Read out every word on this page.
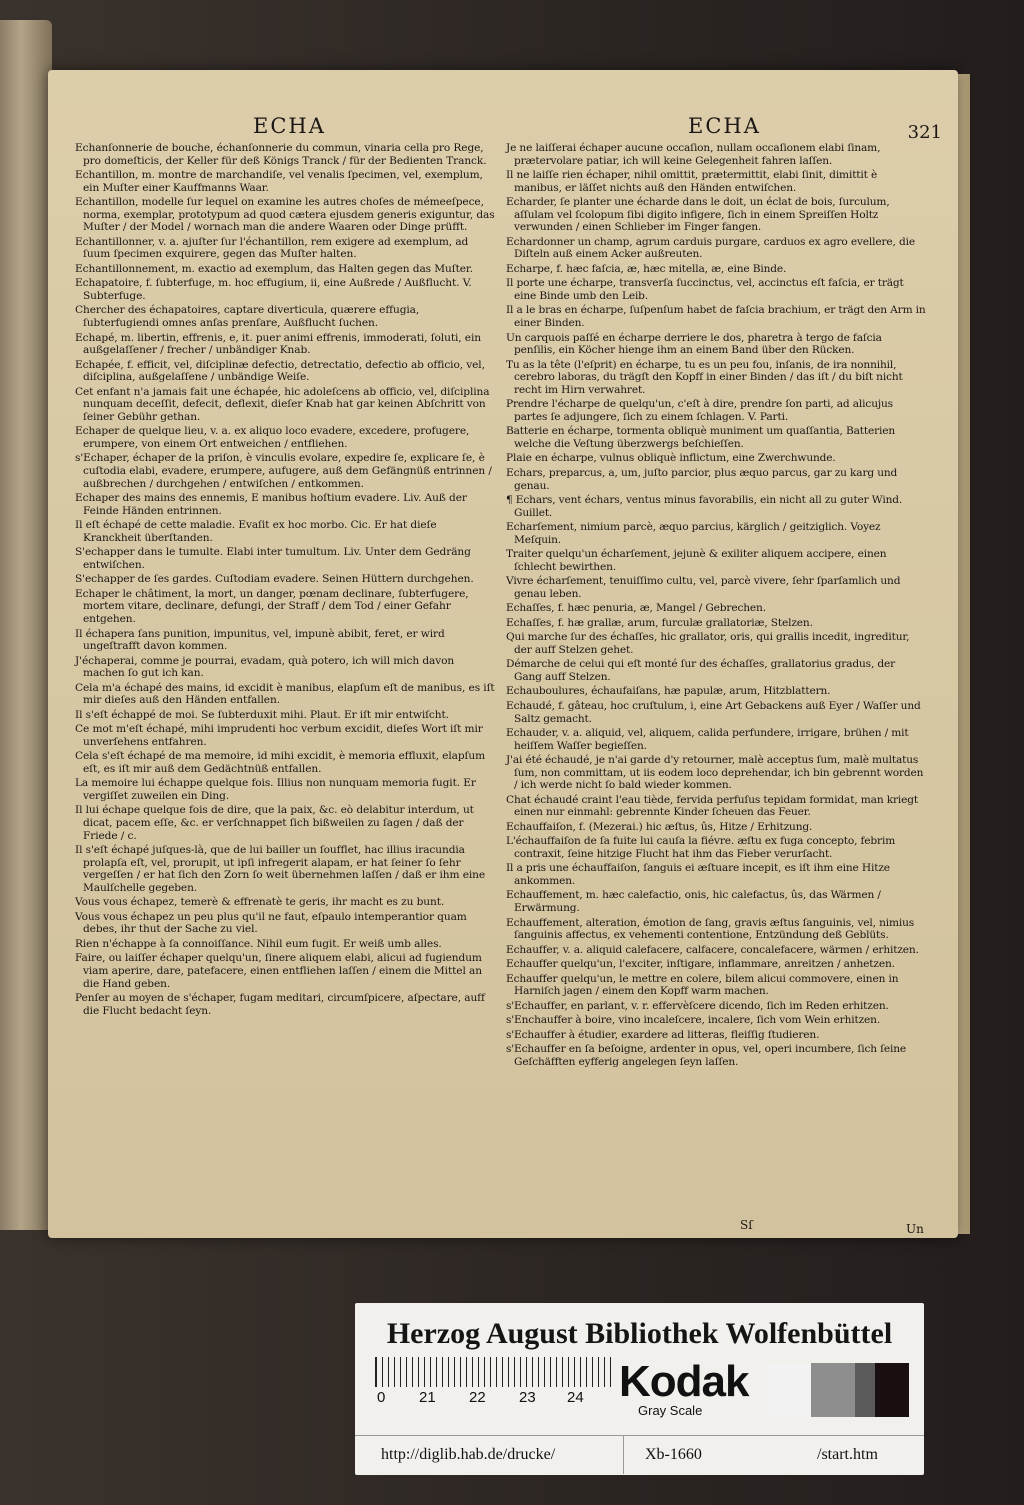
ECHA	ECHA	321

Echanſonnerie de bouche, échanſonnerie du commun, vinaria cella pro Rege, pro domeſticis, der Keller für deß Königs Tranck / für der Bedienten Tranck.

Echantillon, m. montre de marchandiſe, vel venalis ſpecimen, vel, exemplum, ein Muſter einer Kauffmanns Waar.

Echantillon, modelle ſur lequel on examine les autres choſes de mémeeſpece, norma, exemplar, prototypum ad quod cætera ejusdem generis exiguntur, das Muſter / der Model / wornach man die andere Waaren oder Dinge prüfft.

Echantillonner, v. a. ajuſter ſur l'échantillon, rem exigere ad exemplum, ad ſuum ſpecimen exquirere, gegen das Muſter halten.

Echantillonnement, m. exactio ad exemplum, das Halten gegen das Muſter.

Echapatoire, f. ſubterfuge, m. hoc effugium, ii, eine Außrede / Außflucht. V. Subterfuge.

Chercher des échapatoires, captare diverticula, quærere effugia, ſubterfugiendi omnes anſas prenſare, Außflucht ſuchen.

Echapé, m. libertin, effrenis, e, it. puer animi effrenis, immoderati, ſoluti, ein außgelaſſener / frecher / unbändiger Knab.

Echapée, f. efficit, vel, diſciplinæ defectio, detrectatio, defectio ab officio, vel, diſciplina, außgelaſſene / unbändige Weiſe.

Cet enfant n'a jamais fait une échapée, hic adoleſcens ab officio, vel, diſciplina nunquam deceſſit, defecit, deflexit, dieſer Knab hat gar keinen Abſchritt von ſeiner Gebühr gethan.

Echaper de quelque lieu, v. a. ex aliquo loco evadere, excedere, profugere, erumpere, von einem Ort entweichen / entfliehen.

s'Echaper, échaper de la priſon, è vinculis evolare, expedire ſe, explicare ſe, è cuſtodia elabi, evadere, erumpere, aufugere, auß dem Gefängnüß entrinnen / außbrechen / durchgehen / entwiſchen / entkommen.

Echaper des mains des ennemis, E manibus hoſtium evadere. Liv. Auß der Feinde Händen entrinnen.

Il eſt échapé de cette maladie. Evaſit ex hoc morbo. Cic. Er hat dieſe Kranckheit überſtanden.

S'echapper dans le tumulte. Elabi inter tumultum. Liv. Unter dem Gedräng entwiſchen.

S'echapper de ſes gardes. Cuſtodiam evadere. Seinen Hüttern durchgehen.

Echaper le châtiment, la mort, un danger, pœnam declinare, ſubterfugere, mortem vitare, declinare, defungi, der Straff / dem Tod / einer Gefahr entgehen.

Il échapera ſans punition, impunitus, vel, impunè abibit, feret, er wird ungeſtrafft davon kommen.

J'échaperai, comme je pourrai, evadam, quà potero, ich will mich davon machen ſo gut ich kan.

Cela m'a échapé des mains, id excidit è manibus, elapſum eſt de manibus, es iſt mir dieſes auß den Händen entfallen.

Il s'eſt échappé de moi. Se ſubterduxit mihi. Plaut. Er iſt mir entwiſcht.

Ce mot m'eſt échapé, mihi imprudenti hoc verbum excidit, dieſes Wort iſt mir unverſehens entfahren.

Cela s'eſt échapé de ma memoire, id mihi excidit, è memoria effluxit, elapſum eſt, es iſt mir auß dem Gedächtnüß entfallen.

La memoire lui échappe quelque fois. Illius non nunquam memoria fugit. Er vergiſſet zuweilen ein Ding.

Il lui échape quelque fois de dire, que la paix, &c. eò delabitur interdum, ut dicat, pacem eſſe, &c. er verſchnappet ſich bißweilen zu ſagen / daß der Friede / c.

Il s'eſt échapé juſques-là, que de lui bailler un ſoufflet, hac illius iracundia prolapſa eſt, vel, prorupit, ut ipſi infregerit alapam, er hat ſeiner ſo ſehr vergeſſen / er hat ſich den Zorn ſo weit übernehmen laſſen / daß er ihm eine Maulſchelle gegeben.

Vous vous échapez, temerè & effrenatè te geris, ihr macht es zu bunt.

Vous vous échapez un peu plus qu'il ne faut, eſpaulo intemperantior quam debes, ihr thut der Sache zu viel.

Rien n'échappe à ſa connoiſſance. Nihil eum fugit. Er weiß umb alles.

Faire, ou laiſſer échaper quelqu'un, ſinere aliquem elabi, alicui ad fugiendum viam aperire, dare, patefacere, einen entfliehen laſſen / einem die Mittel an die Hand geben.

Penſer au moyen de s'échaper, fugam meditari, circumſpicere, aſpectare, auff die Flucht bedacht ſeyn.

Je ne laiſſerai échaper aucune occaſion, nullam occaſionem elabi ſinam, prætervolare patiar, ich will keine Gelegenheit fahren laſſen.

Il ne laiſſe rien échaper, nihil omittit, prætermittit, elabi ſinit, dimittit è manibus, er läſſet nichts auß den Händen entwiſchen.

Echarder, ſe planter une écharde dans le doit, un éclat de bois, ſurculum, aſſulam vel ſcolopum ſibi digito infigere, ſich in einem Spreiſſen Holtz verwunden / einen Schlieber im Finger fangen.

Echardonner un champ, agrum carduis purgare, carduos ex agro evellere, die Diſteln auß einem Acker außreuten.

Echarpe, f. hæc faſcia, æ, hæc mitella, æ, eine Binde.

Il porte une écharpe, transverſa ſuccinctus, vel, accinctus eſt faſcia, er trägt eine Binde umb den Leib.

Il a le bras en écharpe, ſuſpenſum habet de faſcia brachium, er trägt den Arm in einer Binden.

Un carquois paſſé en écharpe derriere le dos, pharetra à tergo de faſcia penſilis, ein Köcher hienge ihm an einem Band über den Rücken.

Tu as la tête (l'eſprit) en écharpe, tu es un peu fou, inſanis, de ira nonnihil, cerebro laboras, du trägſt den Kopff in einer Binden / das iſt / du biſt nicht recht im Hirn verwahret.

Prendre l'écharpe de quelqu'un, c'eſt à dire, prendre ſon parti, ad alicujus partes ſe adjungere, ſich zu einem ſchlagen. V. Parti.

Batterie en écharpe, tormenta obliquè muniment um quaſſantia, Batterien welche die Veſtung überzwergs beſchieſſen.

Plaie en écharpe, vulnus obliquè inflictum, eine Zwerchwunde.

Echars, preparcus, a, um, juſto parcior, plus æquo parcus, gar zu karg und genau.

¶ Echars, vent échars, ventus minus favorabilis, ein nicht all zu guter Wind. Guillet.

Echarſement, nimium parcè, æquo parcius, kärglich / geitziglich. Voyez Meſquin.

Traiter quelqu'un écharſement, jejunè & exiliter aliquem accipere, einen ſchlecht bewirthen.

Vivre écharſement, tenuiſſimo cultu, vel, parcè vivere, ſehr ſparſamlich und genau leben.

Echaſſes, f. hæc penuria, æ, Mangel / Gebrechen.

Echaſſes, f. hæ grallæ, arum, furculæ grallatoriæ, Stelzen.

Qui marche ſur des échaſſes, hic grallator, oris, qui grallis incedit, ingreditur, der auff Stelzen gehet.

Démarche de celui qui eſt monté ſur des échaſſes, grallatorius gradus, der Gang auff Stelzen.

Echauboulures, échaufaiſans, hæ papulæ, arum, Hitzblattern.

Echaudé, f. gâteau, hoc cruſtulum, i, eine Art Gebackens auß Eyer / Waſſer und Saltz gemacht.

Echauder, v. a. aliquid, vel, aliquem, calida perfundere, irrigare, brühen / mit heiſſem Waſſer begieſſen.

J'ai été échaudé, je n'ai garde d'y retourner, malè acceptus ſum, malè multatus ſum, non committam, ut iis eodem loco deprehendar, ich bin gebrennt worden / ich werde nicht ſo bald wieder kommen.

Chat échaudé craint l'eau tiède, fervida perfuſus tepidam formidat, man kriegt einen nur einmahl: gebrennte Kinder ſcheuen das Feuer.

Echauffaiſon, f. (Mezerai.) hic æſtus, ûs, Hitze / Erhitzung.

L'échauffaiſon de ſa fuite lui cauſa la fiévre. æſtu ex fuga concepto, febrim contraxit, ſeine hitzige Flucht hat ihm das Fieber verurſacht.

Il a pris une échauffaiſon, ſanguis ei æſtuare incepit, es iſt ihm eine Hitze ankommen.

Echauffement, m. hæc calefactio, onis, hic calefactus, ûs, das Wärmen / Erwärmung.

Echauffement, alteration, émotion de ſang, gravis æſtus ſanguinis, vel, nimius ſanguinis affectus, ex vehementi contentione, Entzündung deß Geblüts.

Echauffer, v. a. aliquid calefacere, calfacere, concalefacere, wärmen / erhitzen.

Echauffer quelqu'un, l'exciter, inſtigare, inflammare, anreitzen / anhetzen.

Echauffer quelqu'un, le mettre en colere, bilem alicui commovere, einen in Harniſch jagen / einem den Kopff warm machen.

s'Echauffer, en parlant, v. r. effervèſcere dicendo, ſich im Reden erhitzen.

s'Enchauffer à boire, vino incaleſcere, incalere, ſich vom Wein erhitzen.

s'Echauffer à étudier, exardere ad litteras, fleiſſig ſtudieren.

s'Echauffer en ſa beſoigne, ardenter in opus, vel, operi incumbere, ſich ſeine Geſchäfften eyfferig angelegen ſeyn laſſen.

Sſ	Un
Herzog August Bibliothek Wolfenbüttel
0 21 22 23 24 Kodak
Gray Scale
http://diglib.hab.de/drucke/	Xb-1660	/start.htm
